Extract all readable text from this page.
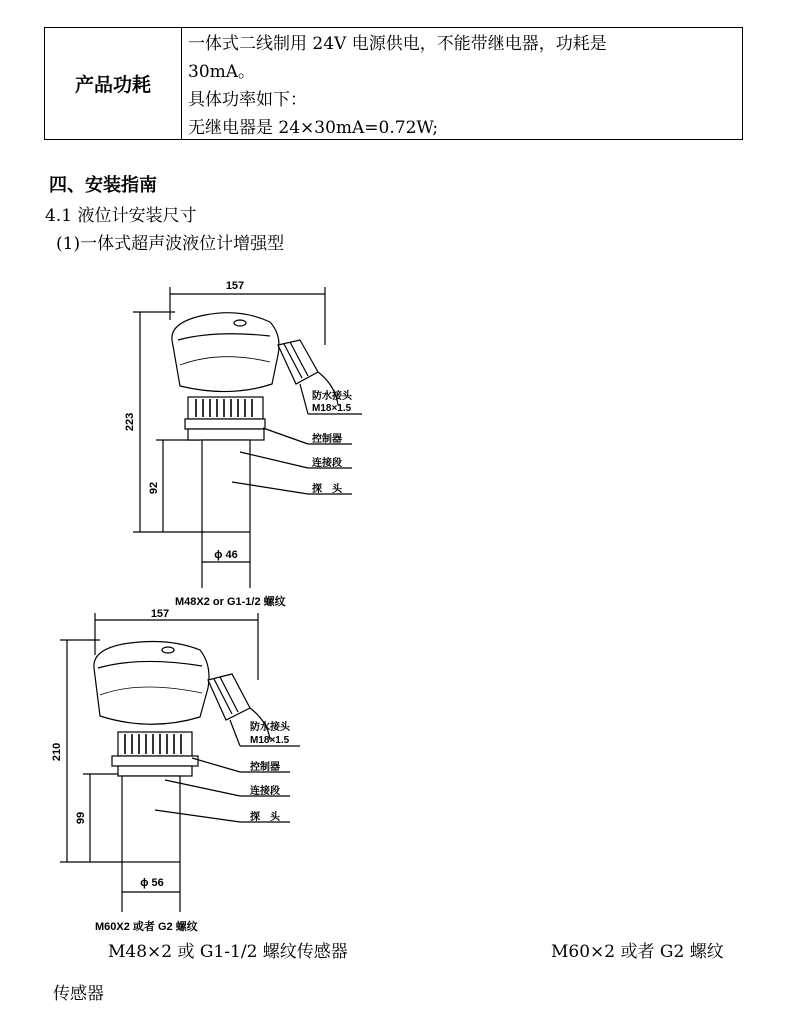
产品功耗
一体式二线制用 24V 电源供电，不能带继电器，功耗是
30mA。
具体功率如下：
无继电器是 24×30mA=0.72W;
四、安装指南
4.1 液位计安装尺寸
(1)一体式超声波液位计增强型
157
223
92
ϕ 46
M48X2 or G1-1/2 螺纹
防水接头
M18×1.5
控制器
连接段
探　头
157
210
99
ϕ 56
M60X2 或者 G2 螺纹
防水接头
M18×1.5
控制器
连接段
探　头
M48×2 或 G1-1/2 螺纹传感器	M60×2 或者 G2 螺纹
传感器
